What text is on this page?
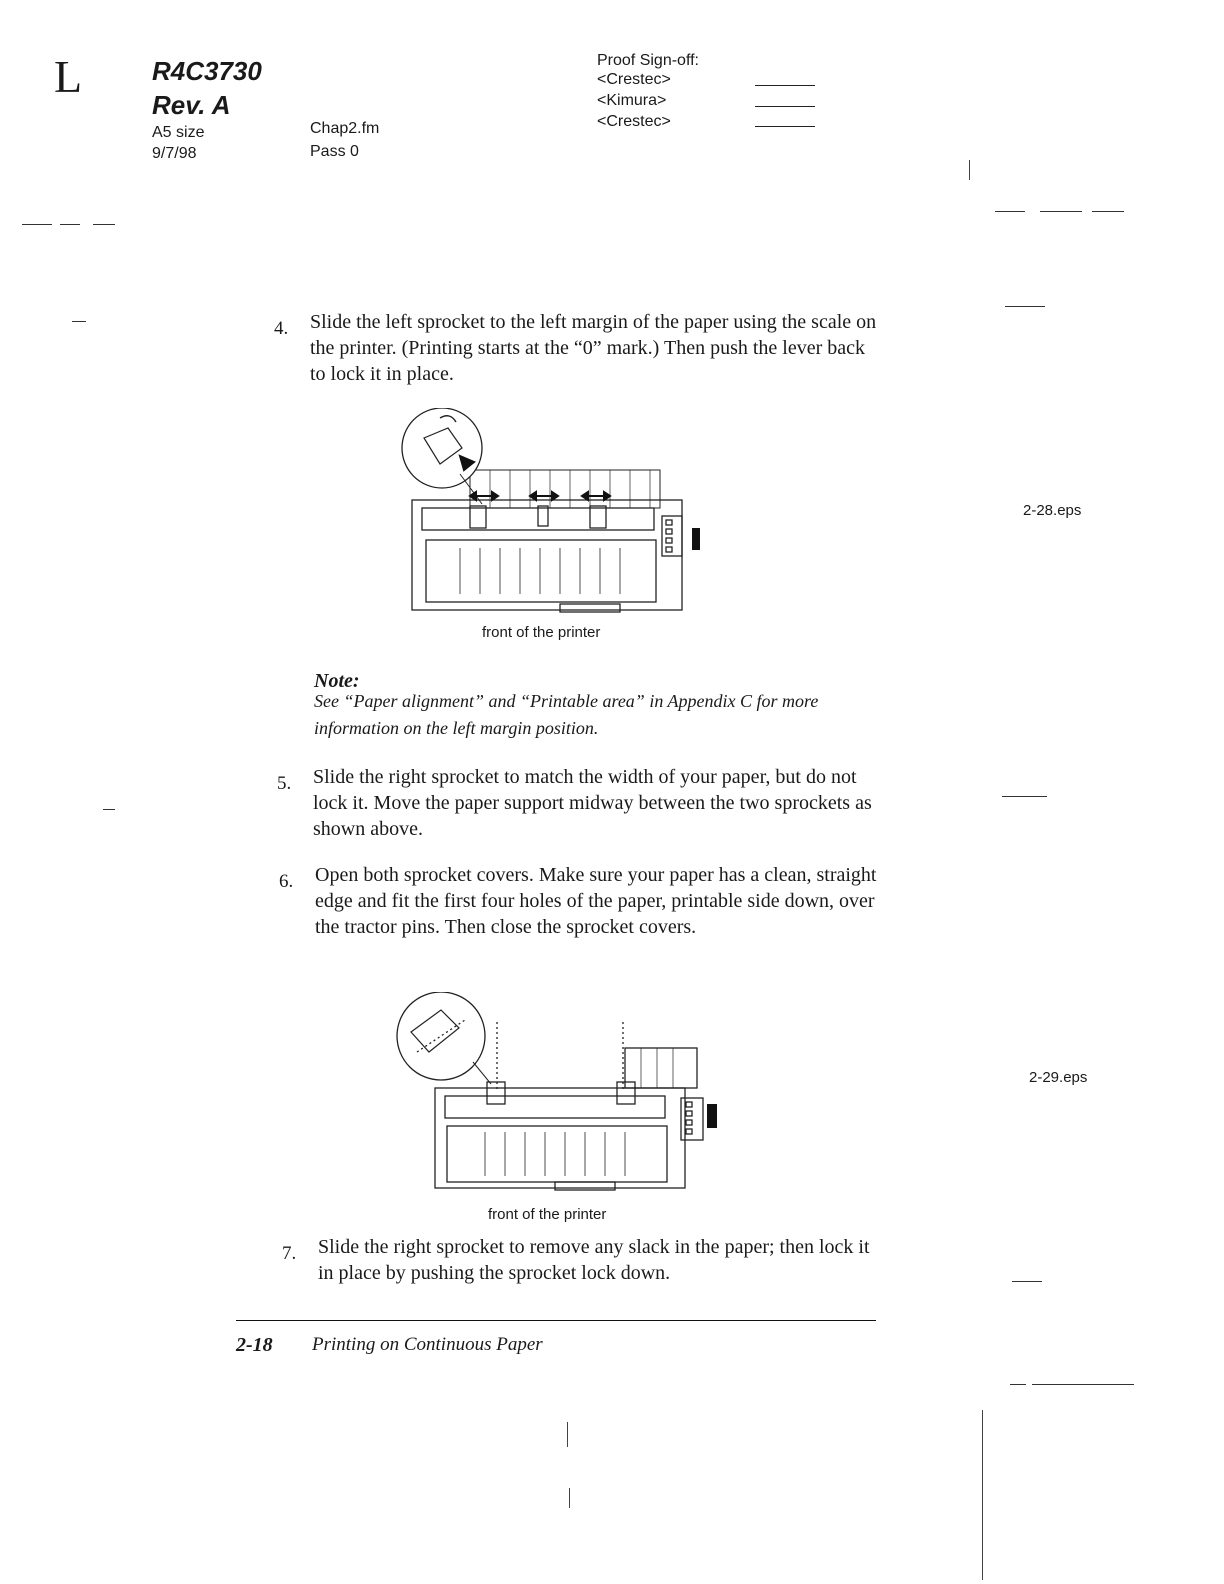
L	R4C3730
Rev. A
A5 size
9/7/98
Chap2.fm
Pass 0
Proof Sign-off:
<Crestec>
<Kimura>
<Crestec>
4. Slide the left sprocket to the left margin of the paper using the scale on the printer. (Printing starts at the “0” mark.) Then push the lever back to lock it in place.
front of the printer
2-28.eps
Note:
See “Paper alignment” and “Printable area” in Appendix C for more information on the left margin position.
5. Slide the right sprocket to match the width of your paper, but do not lock it. Move the paper support midway between the two sprockets as shown above.
6. Open both sprocket covers. Make sure your paper has a clean, straight edge and fit the first four holes of the paper, printable side down, over the tractor pins. Then close the sprocket covers.
front of the printer
2-29.eps
7. Slide the right sprocket to remove any slack in the paper; then lock it in place by pushing the sprocket lock down.
2-18 Printing on Continuous Paper
